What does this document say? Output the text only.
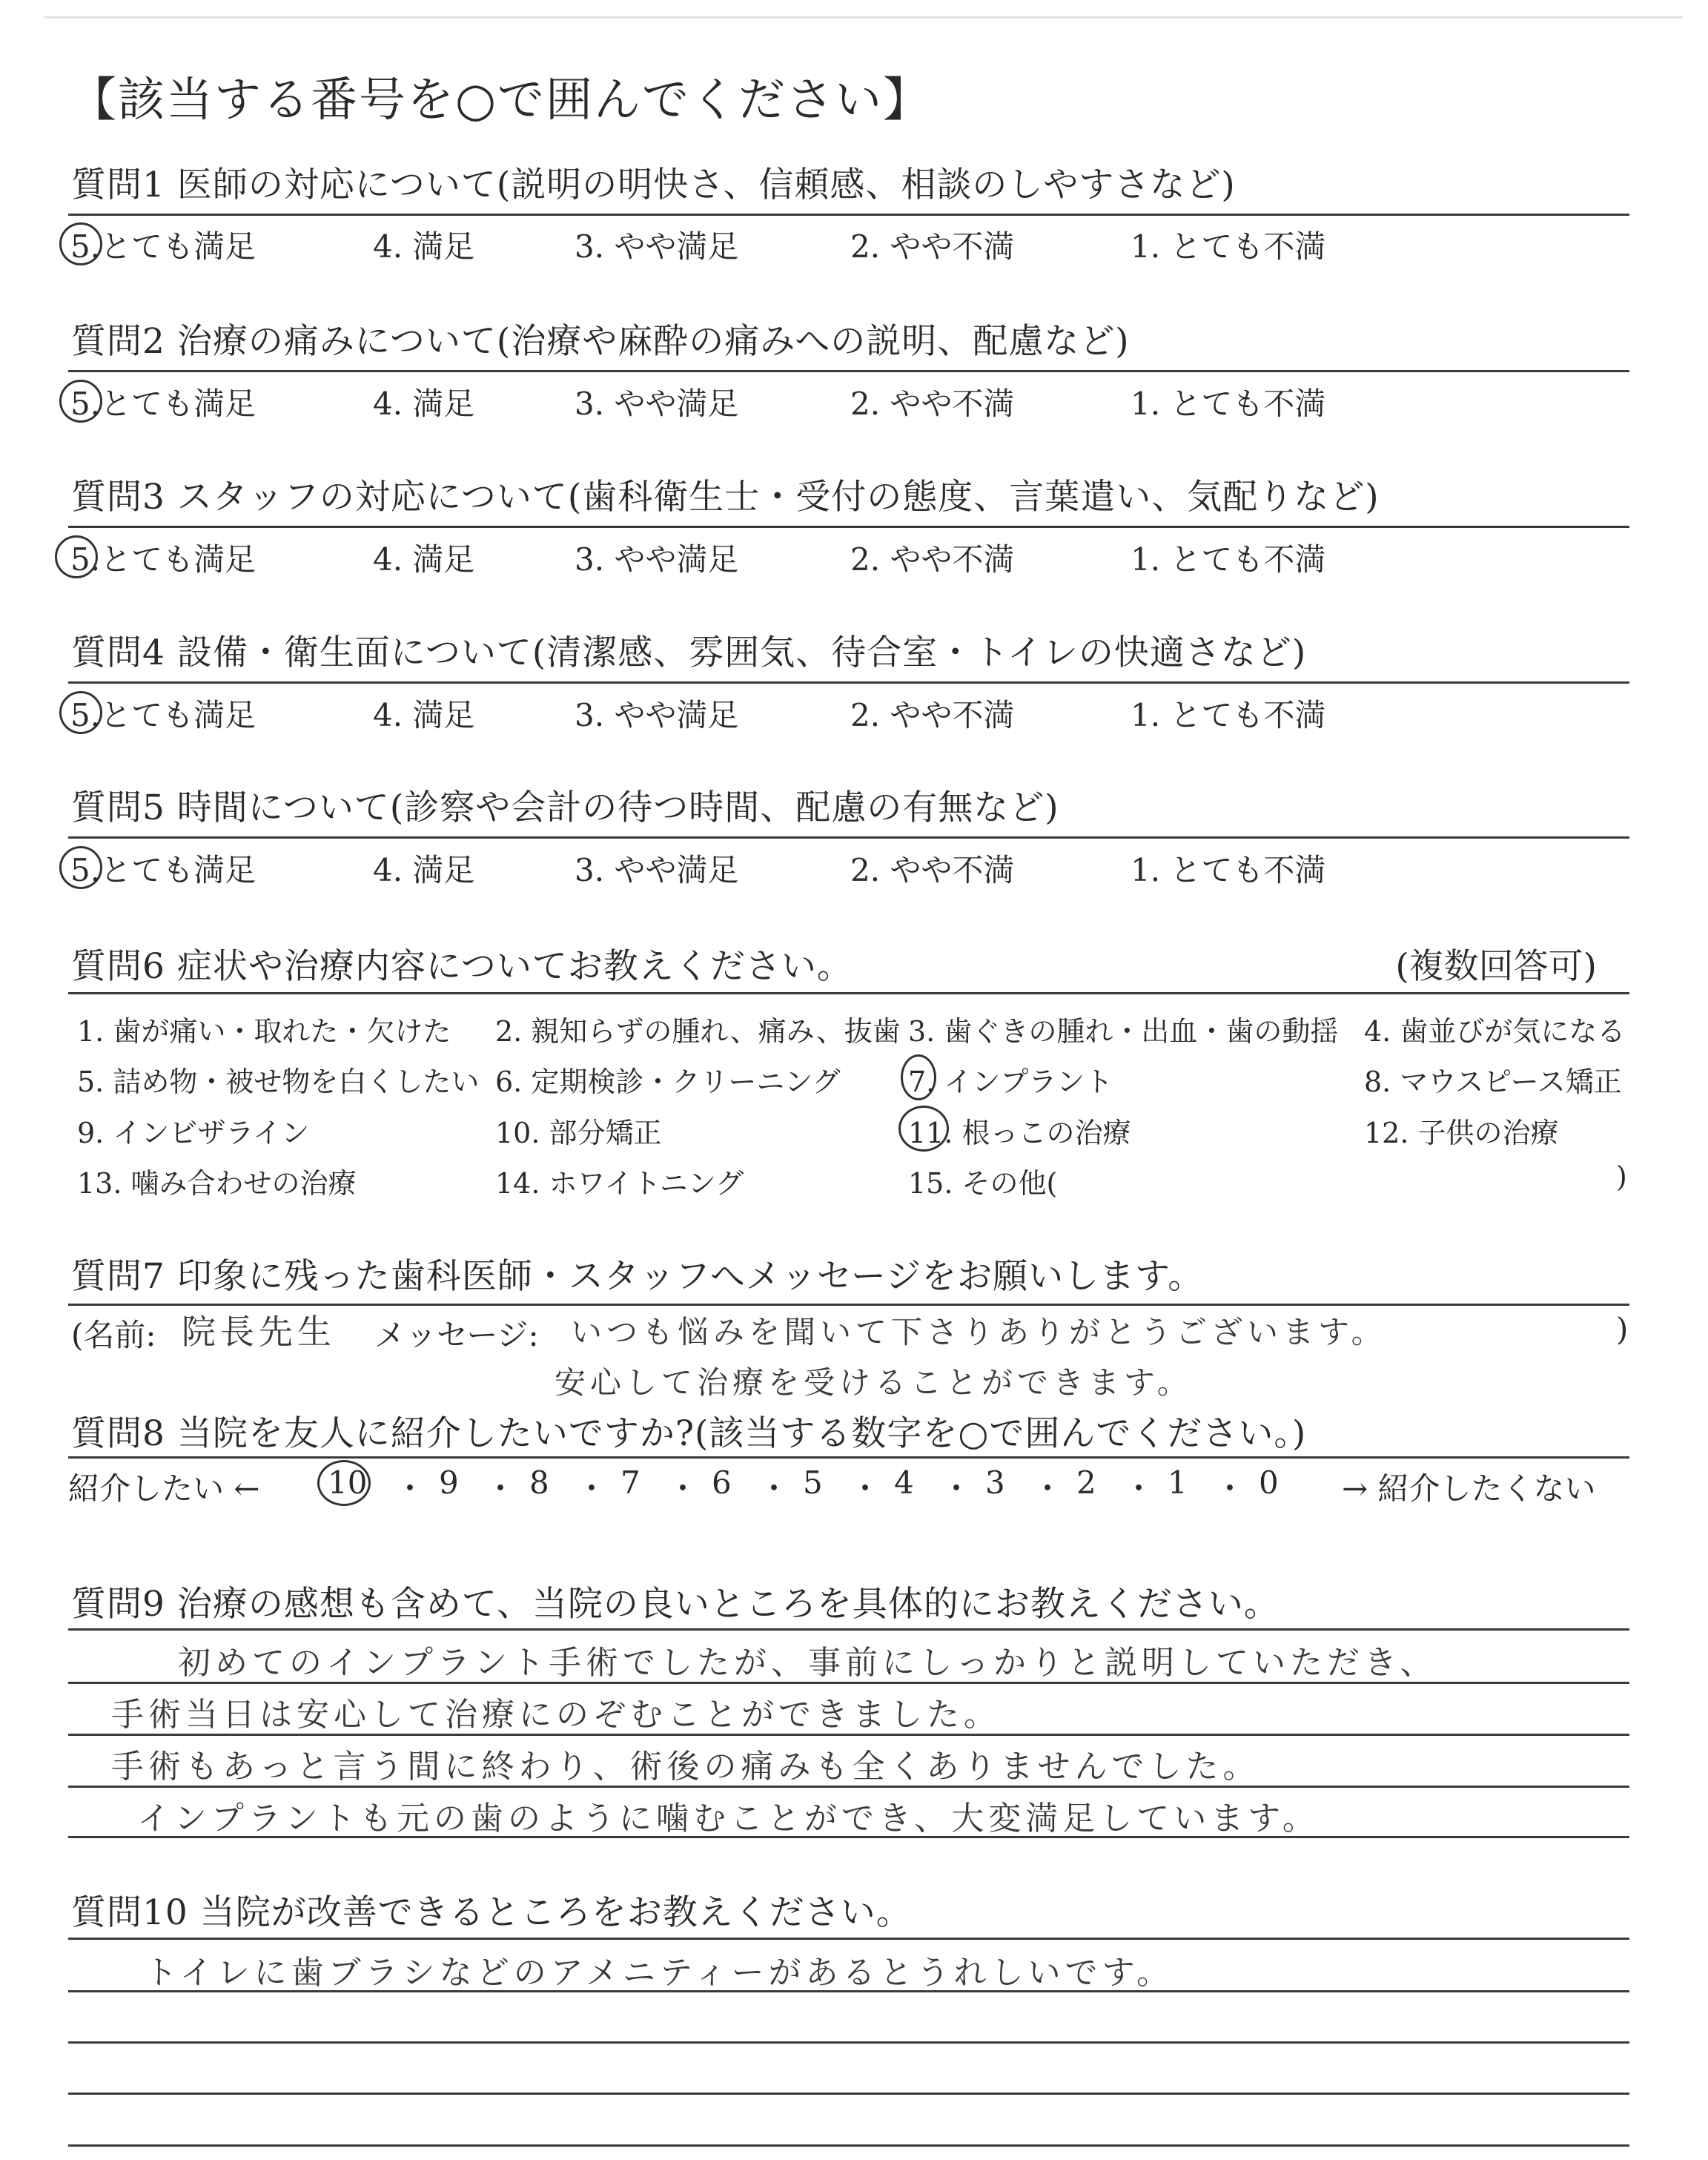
【該当する番号を○で囲んでください】
質問1 医師の対応について(説明の明快さ、信頼感、相談のしやすさなど)
5.とても満足	4. 満足	3. やや満足	2. やや不満	1. とても不満
質問2 治療の痛みについて(治療や麻酔の痛みへの説明、配慮など)
5.とても満足	4. 満足	3. やや満足	2. やや不満	1. とても不満
質問3 スタッフの対応について(歯科衛生士・受付の態度、言葉遣い、気配りなど)
5.とても満足	4. 満足	3. やや満足	2. やや不満	1. とても不満
質問4 設備・衛生面について(清潔感、雰囲気、待合室・トイレの快適さなど)
5.とても満足	4. 満足	3. やや満足	2. やや不満	1. とても不満
質問5 時間について(診察や会計の待つ時間、配慮の有無など)
5.とても満足	4. 満足	3. やや満足	2. やや不満	1. とても不満
質問6 症状や治療内容についてお教えください。	(複数回答可)
1. 歯が痛い・取れた・欠けた 2. 親知らずの腫れ、痛み、抜歯 3. 歯ぐきの腫れ・出血・歯の動揺 4. 歯並びが気になる
5. 詰め物・被せ物を白くしたい 6. 定期検診・クリーニング 7. インプラント	8. マウスピース矯正
9. インビザライン	10. 部分矯正	11. 根っこの治療	12. 子供の治療
13. 噛み合わせの治療	14. ホワイトニング	15. その他(	)
質問7 印象に残った歯科医師・スタッフへメッセージをお願いします。
(名前: 院長先生 メッセージ: いつも悩みを聞いて下さりありがとうございます。	)
安心して治療を受けることができます。
質問8 当院を友人に紹介したいですか?(該当する数字を○で囲んでください。)
紹介したい ← 10 ・ 9 ・ 8 ・ 7 ・ 6 ・ 5 ・ 4 ・ 3 ・ 2 ・ 1 ・ 0 → 紹介したくない
質問9 治療の感想も含めて、当院の良いところを具体的にお教えください。
初めてのインプラント手術でしたが、事前にしっかりと説明していただき、
手術当日は安心して治療にのぞむことができました。
手術もあっと言う間に終わり、術後の痛みも全くありませんでした。
インプラントも元の歯のように噛むことができ、大変満足しています。
質問10 当院が改善できるところをお教えください。
トイレに歯ブラシなどのアメニティーがあるとうれしいです。
